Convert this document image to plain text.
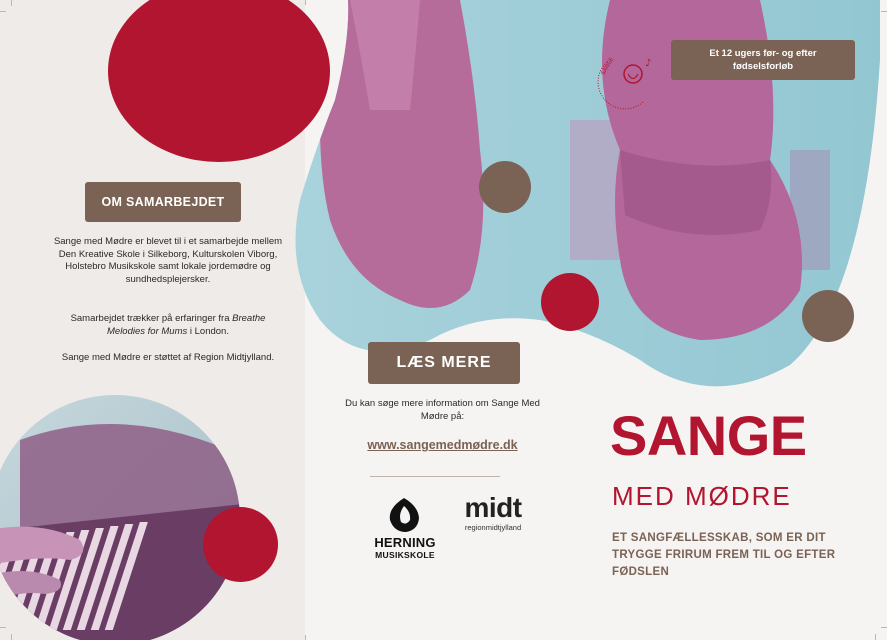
OM SAMARBEJDET
Sange med Mødre er blevet til i et samarbejde mellem Den Kreative Skole i Silkeborg, Kulturskolen Viborg, Holstebro Musikskole samt lokale jordemødre og sundhedsplejersker.
Samarbejdet trækker på erfaringer fra Breathe Melodies for Mums i London.
Sange med Mødre er støttet af Region Midtjylland.
♪
SANGE
Et 12 ugers før- og efter fødselsforløb
LÆS MERE
Du kan søge mere information om Sange Med Mødre på:
www.sangemedmødre.dk
HERNING
MUSIKSKOLE
midt
regionmidtjylland
SANGE
MED MØDRE
ET SANGFÆLLESSKAB, SOM ER DIT TRYGGE FRIRUM FREM TIL OG EFTER FØDSLEN
